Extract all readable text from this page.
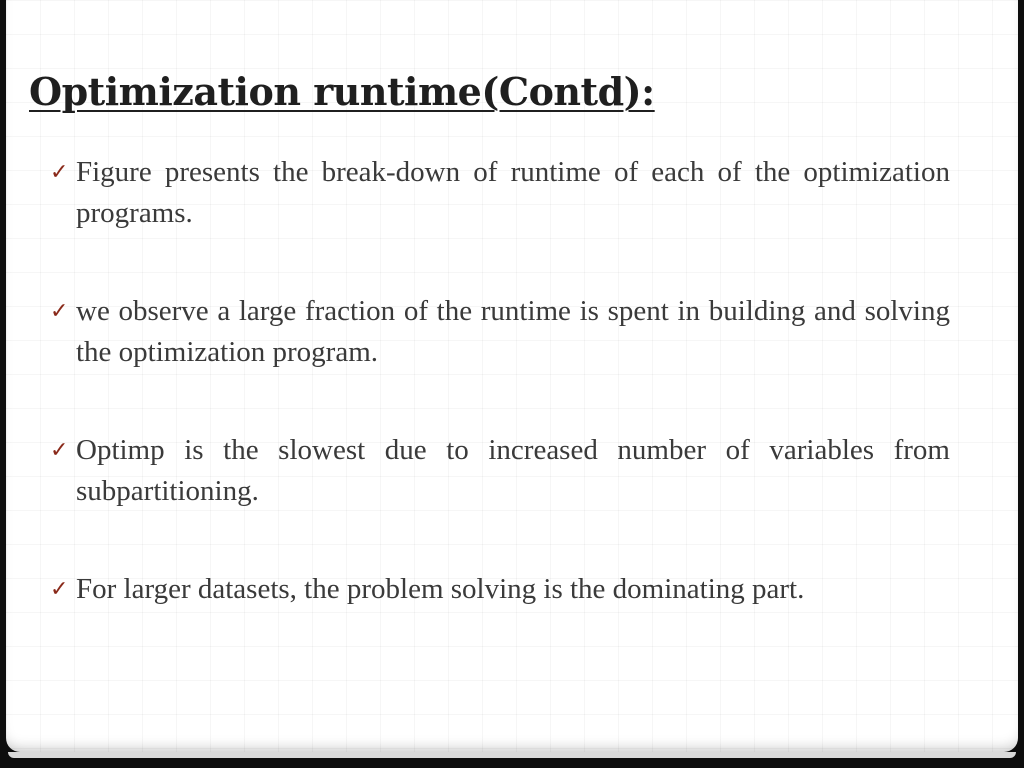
Optimization runtime(Contd):
✓ Figure presents the break-down of runtime of each of the optimization programs.
✓ we observe a large fraction of the runtime is spent in building and solving the optimization program.
✓ Optimp is the slowest due to increased number of variables from subpartitioning.
✓ For larger datasets, the problem solving is the dominating part.
